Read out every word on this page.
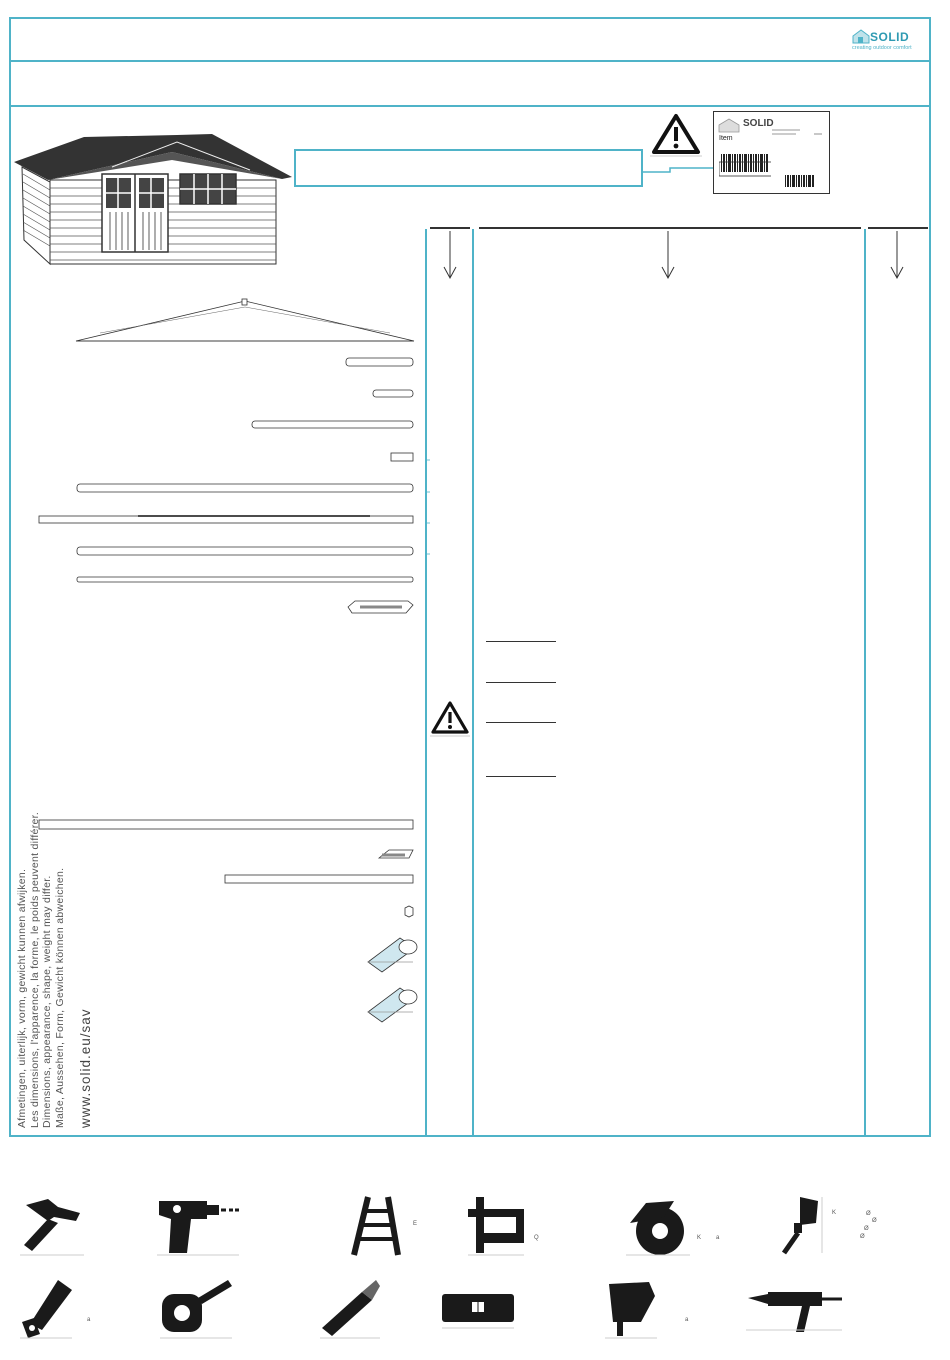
SOLID
creating outdoor comfort
SOLID
Item
Afmetingen, uiterlijk, vorm, gewicht kunnen afwijken. Les dimensions, l'apparence, la forme, le poids peuvent différer. Dimensions, appearance, shape, weight may differ. Maße, Aussehen, Form, Gewicht können abweichen. www.solid.eu/sav
E
Q	K a
K	Ø
Ø
Ø
Ø
a	a
